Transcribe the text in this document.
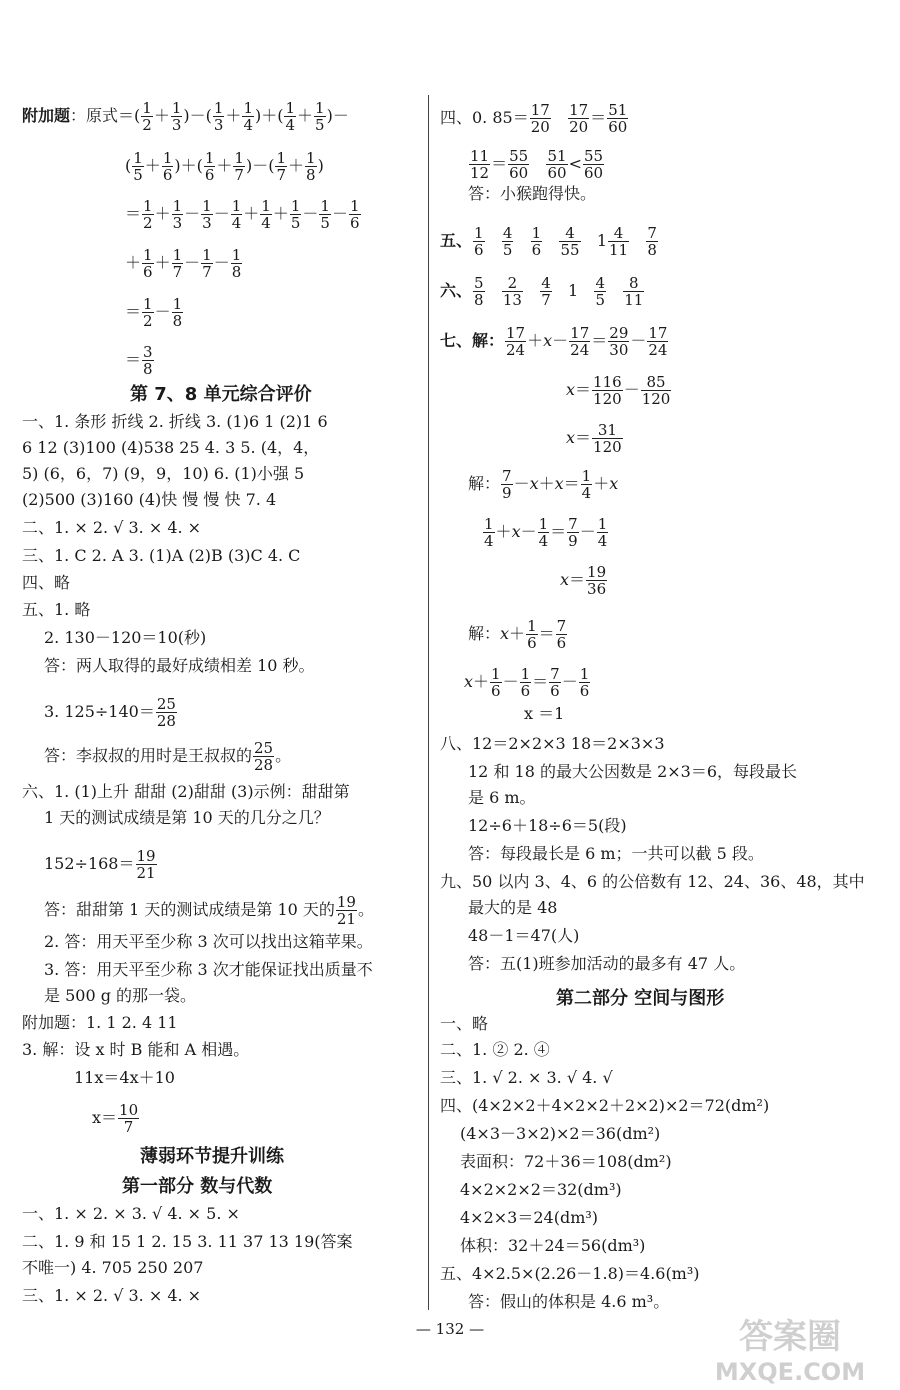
附加题：原式＝( $\frac{1}{2} + \frac{1}{3}$ )－( $\frac{1}{3} + \frac{1}{4}$ )＋( $\frac{1}{4} + \frac{1}{5}$ )－
( $\frac{1}{5} + \frac{1}{6}$ )＋( $\frac{1}{6} + \frac{1}{7}$ )－( $\frac{1}{7} + \frac{1}{8}$ )
＝ $\frac{1}{2} + \frac{1}{3} - \frac{1}{3} - \frac{1}{4} + \frac{1}{4} + \frac{1}{5} - \frac{1}{5} - \frac{1}{6}$
＋ $\frac{1}{6} + \frac{1}{7} - \frac{1}{7} - \frac{1}{8}$
＝ $\frac{1}{2} - \frac{1}{8}$
＝ $\frac{3}{8}$
第 7、8 单元综合评价
一、1. 条形 折线 2. 折线 3. (1)6 1 (2)1 6
6 12 (3)100 (4)538 25 4. 3 5. (4，4，
5) (6，6，7) (9，9，10) 6. (1)小强 5
(2)500 (3)160 (4)快 慢 慢 快 7. 4
二、1. × 2. √ 3. × 4. ×
三、1. C 2. A 3. (1)A (2)B (3)C 4. C
四、略
五、1. 略
2. 130－120＝10(秒)
答：两人取得的最好成绩相差 10 秒。
3. $125\div 140= \frac{25}{28}$
答：李叔叔的用时是王叔叔的 $\frac{25}{28}$ 。
六、1. (1)上升 甜甜 (2)甜甜 (3)示例：甜甜第
1 天的测试成绩是第 10 天的几分之几？
$152\div 168= \frac{19}{21}$
答：甜甜第 1 天的测试成绩是第 10 天的 $\frac{19}{21}$ 。
2. 答：用天平至少称 3 次可以找出这箱苹果。
3. 答：用天平至少称 3 次才能保证找出质量不
是 500 g 的那一袋。
附加题：1. 1 2. 4 11
3. 解：设 x 时 B 能和 A 相遇。
11x＝4x＋10
$x= \frac{10}{7}$
薄弱环节提升训练
第一部分 数与代数
一、1. × 2. × 3. √ 4. × 5. ×
二、1. 9 和 15 1 2. 15 3. 11 37 13 19(答案
不唯一) 4. 705 250 207
三、1. × 2. √ 3. × 4. ×
四、0. $85= \frac{17}{20}$
$\frac{17}{20} = \frac{51}{60}$
$\frac{11}{12} = \frac{55}{60}$
$\frac{51}{60} < \frac{55}{60}$
答：小猴跑得快。
五、 $\frac{1}{6}$
$\frac{4}{5}$
$\frac{1}{6}$
$\frac{4}{55} 1 \frac{4}{11}$
$\frac{7}{8}$
六、 $\frac{5}{8}$
$\frac{2}{13}$
$\frac{4}{7} 1 \frac{4}{5}$
$\frac{8}{11}$
七、解： $\frac{17}{24} +x- \frac{17}{24} = \frac{29}{30} - \frac{17}{24}$
$x= \frac{116}{120} - \frac{85}{120}$
$x= \frac{31}{120}$
解： $\frac{7}{9} -x+x= \frac{1}{4} +x$
$\frac{1}{4} +x- \frac{1}{4} = \frac{7}{9} - \frac{1}{4}$
$x= \frac{19}{36}$
解：$x+ \frac{1}{6} = \frac{7}{6}$
$x+ \frac{1}{6} - \frac{1}{6} = \frac{7}{6} - \frac{1}{6}$
x ＝1
八、12＝2×2×3 18＝2×3×3
12 和 18 的最大公因数是 2×3＝6，每段最长
是 6 m。
12÷6＋18÷6＝5(段)
答：每段最长是 6 m；一共可以截 5 段。
九、50 以内 3、4、6 的公倍数有 12、24、36、48，其中
最大的是 48
48－1＝47(人)
答：五(1)班参加活动的最多有 47 人。
第二部分 空间与图形
一、略
二、1. ② 2. ④
三、1. √ 2. × 3. √ 4. √
四、(4×2×2＋4×2×2＋2×2)×2＝72(dm²)
(4×3－3×2)×2＝36(dm²)
表面积：72＋36＝108(dm²)
4×2×2×2＝32(dm³)
4×2×3＝24(dm³)
体积：32＋24＝56(dm³)
五、4×2.5×(2.26－1.8)＝4.6(m³)
答：假山的体积是 4.6 m³。
— 132 —	答案圈
MXQE.COM
